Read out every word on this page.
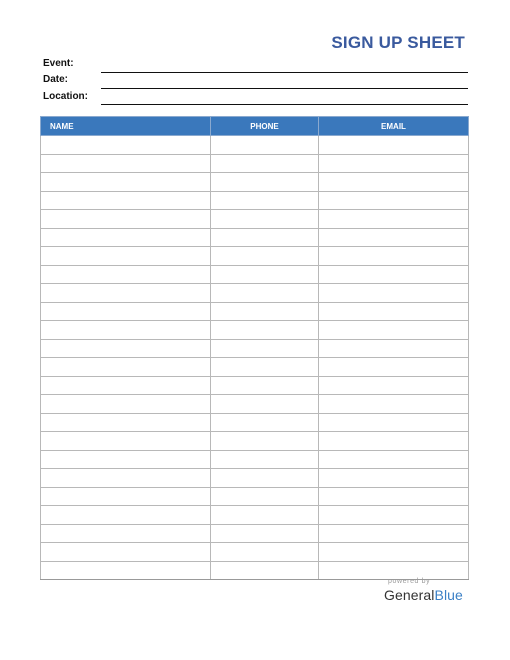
SIGN UP SHEET
Event:
Date:
Location:
NAME	PHONE	EMAIL

powered by
GeneralBlue
